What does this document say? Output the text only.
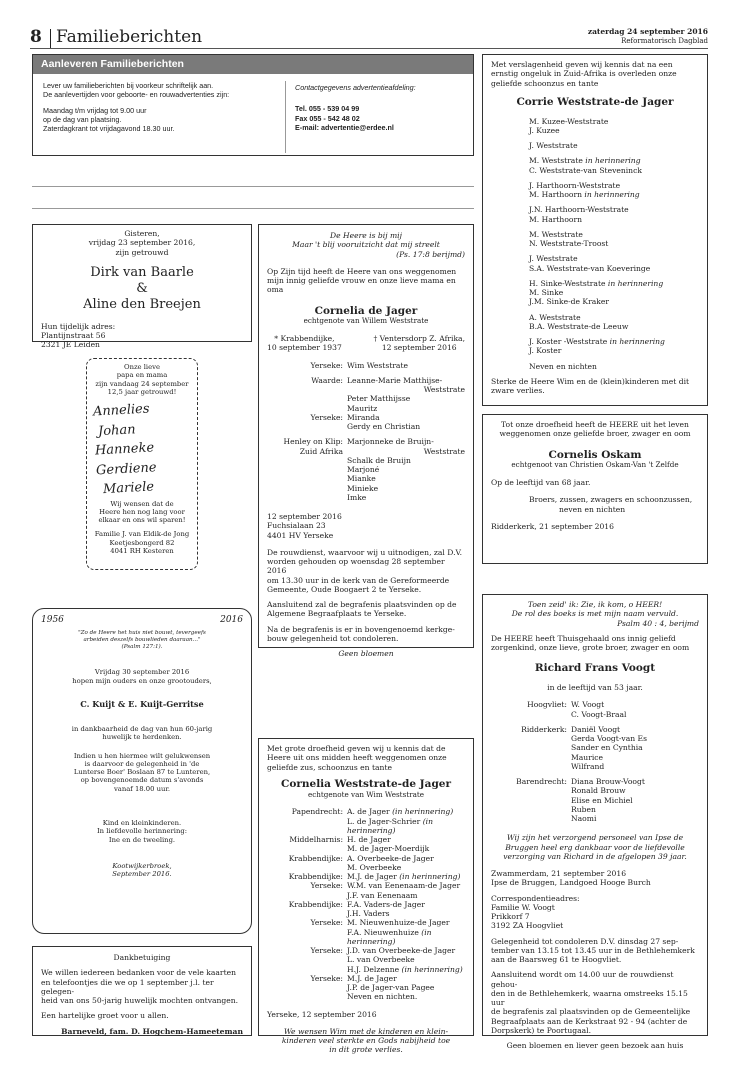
8 Familieberichten	zaterdag 24 september 2016
Reformatorisch Dagblad
Aanleveren Familieberichten

Lever uw familieberichten bij voorkeur schriftelijk aan.

De aanlevertijden voor geboorte- en rouwadvertenties zijn:

Maandag t/m vrijdag tot 9.00 uur

op de dag van plaatsing.

Zaterdagkrant tot vrijdagavond 18.30 uur.

Contactgegevens advertentieafdeling:

Tel. 055 - 539 04 99

Fax 055 - 542 48 02

E-mail: advertentie@erdee.nl

Gisteren,

vrijdag 23 september 2016,

zijn getrouwd

Dirk van Baarle

&

Aline den Breejen

Hun tijdelijk adres:

Plantijnstraat 56

2321 JE Leiden

Onze lieve

papa en mama

zijn vandaag 24 september

12,5 jaar getrouwd!

Annelies

Johan

Hanneke

Gerdiene

Mariele

Wij wensen dat de

Heere hen nog lang voor

elkaar en ons wil sparen!

Familie J. van Eldik-de Jong

Keetjesbongerd 82

4041 RH Kesteren

1956	2016

"Zo de Heere het huis niet bouwt, tevergeefs

arbeiden deszelfs bouwlieden daaraan..."

(Psalm 127:1).

Vrijdag 30 september 2016

hopen mijn ouders en onze grootouders,

C. Kuijt & E. Kuijt-Gerritse

in dankbaarheid de dag van hun 60-jarig

huwelijk te herdenken.

Indien u hen hiermee wilt gelukwensen

is daarvoor de gelegenheid in 'de

Lunterse Boer' Boslaan 87 te Lunteren,

op bovengenoemde datum s'avonds

vanaf 18.00 uur.

Kind en kleinkinderen.

In liefdevolle herinnering:

Ine en de tweeling.

Kootwijkerbroek,

September 2016.

Dankbetuiging

We willen iedereen bedanken voor de vele kaarten

en telefoontjes die we op 1 september j.l. ter gelegen-

heid van ons 50-jarig huwelijk mochten ontvangen.

Een hartelijke groet voor u allen.

Barneveld, fam. D. Hogchem-Hameeteman

De Heere is bij mij

Maar 't blij vooruitzicht dat mij streelt

(Ps. 17:8 berijmd)

Op Zijn tijd heeft de Heere van ons weggenomen

mijn innig geliefde vrouw en onze lieve mama en

oma

Cornelia de Jager

echtgenote van Willem Weststrate

* Krabbendijke,

10 september 1937

† Ventersdorp Z. Afrika,

12 september 2016

Yerseke: Wim Weststrate

Waarde: Leanne-Marie Matthijse-

Weststrate

Peter Matthijsse

Mauritz

Yerseke: Miranda

Gerdy en Christian

Henley on Klip: Marjonneke de Bruijn-

Zuid Afrika	Weststrate

Schalk de Bruijn

Marjoné

Mianke

Minieke

Imke

12 september 2016

Fuchsialaan 23

4401 HV Yerseke

De rouwdienst, waarvoor wij u uitnodigen, zal D.V.

worden gehouden op woensdag 28 september 2016

om 13.30 uur in de kerk van de Gereformeerde

Gemeente, Oude Boogaert 2 te Yerseke.

Aansluitend zal de begrafenis plaatsvinden op de

Algemene Begraafplaats te Yerseke.

Na de begrafenis is er in bovengenoemd kerkge-

bouw gelegenheid tot condoleren.

Geen bloemen

Met grote droefheid geven wij u kennis dat de

Heere uit ons midden heeft weggenomen onze

geliefde zus, schoonzus en tante

Cornelia Weststrate-de Jager

echtgenote van Wim Weststrate

Papendrecht: A. de Jager (in herinnering)

L. de Jager-Schrier (in herinnering)

Middelharnis: H. de Jager

M. de Jager-Moerdijk

Krabbendijke: A. Overbeeke-de Jager

M. Overbeeke

Krabbendijke: M.J. de Jager (in herinnering)

Yerseke: W.M. van Eenenaam-de Jager

J.F. van Eenenaam

Krabbendijke: F.A. Vaders-de Jager

J.H. Vaders

Yerseke: M. Nieuwenhuize-de Jager

F.A. Nieuwenhuize (in herinnering)

Yerseke: J.D. van Overbeeke-de Jager

L. van Overbeeke

H.J. Delzenne (in herinnering)

Yerseke: M.J. de Jager

J.P. de Jager-van Pagee

Neven en nichten.

Yerseke, 12 september 2016

We wensen Wim met de kinderen en klein-

kinderen veel sterkte en Gods nabijheid toe

in dit grote verlies.

Met verslagenheid geven wij kennis dat na een

ernstig ongeluk in Zuid-Afrika is overleden onze

geliefde schoonzus en tante

Corrie Weststrate-de Jager

M. Kuzee-Weststrate

J. Kuzee

J. Weststrate

M. Weststrate in herinnering

C. Weststrate-van Steveninck

J. Harthoorn-Weststrate

M. Harthoorn in herinnering

J.N. Harthoorn-Weststrate

M. Harthoorn

M. Weststrate

N. Weststrate-Troost

J. Weststrate

S.A. Weststrate-van Koeveringe

H. Sinke-Weststrate in herinnering

M. Sinke

J.M. Sinke-de Kraker

A. Weststrate

B.A. Weststrate-de Leeuw

J. Koster -Weststrate in herinnering

J. Koster

Neven en nichten

Sterke de Heere Wim en de (klein)kinderen met dit

zware verlies.

Tot onze droefheid heeft de HEERE uit het leven

weggenomen onze geliefde broer, zwager en oom

Cornelis Oskam

echtgenoot van Christien Oskam-Van 't Zelfde

Op de leeftijd van 68 jaar.

Broers, zussen, zwagers en schoonzussen,

neven en nichten

Ridderkerk, 21 september 2016

Toen zeid' ik: Zie, ik kom, o HEER!

De rol des boeks is met mijn naam vervuld.

Psalm 40 : 4, berijmd

De HEERE heeft Thuisgehaald ons innig geliefd

zorgenkind, onze lieve, grote broer, zwager en oom

Richard Frans Voogt

in de leeftijd van 53 jaar.

Hoogvliet: W. Voogt

C. Voogt-Braal

Ridderkerk: Daniël Voogt

Gerda Voogt-van Es

Sander en Cynthia

Maurice

Wilfrand

Barendrecht: Diana Brouw-Voogt

Ronald Brouw

Elise en Michiel

Ruben

Naomi

Wij zijn het verzorgend personeel van Ipse de

Bruggen heel erg dankbaar voor de liefdevolle

verzorging van Richard in de afgelopen 39 jaar.

Zwammerdam, 21 september 2016

Ipse de Bruggen, Landgoed Hooge Burch

Correspondentieadres:

Familie W. Voogt

Prikkorf 7

3192 ZA Hoogvliet

Gelegenheid tot condoleren D.V. dinsdag 27 sep-

tember van 13.15 tot 13.45 uur in de Bethlehemkerk

aan de Baarsweg 61 te Hoogvliet.

Aansluitend wordt om 14.00 uur de rouwdienst gehou-

den in de Bethlehemkerk, waarna omstreeks 15.15 uur

de begrafenis zal plaatsvinden op de Gemeentelijke

Begraafplaats aan de Kerkstraat 92 - 94 (achter de

Dorpskerk) te Poortugaal.

Geen bloemen en liever geen bezoek aan huis
